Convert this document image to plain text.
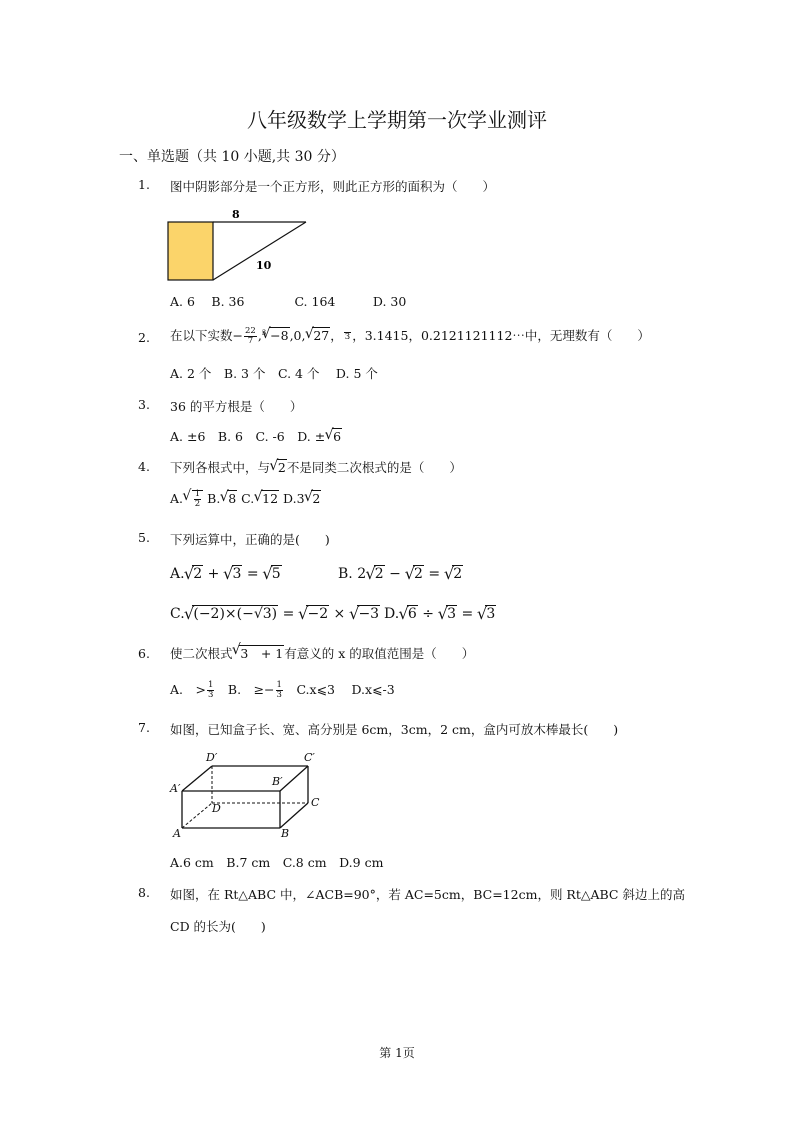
八年级数学上学期第一次学业测评
一、单选题（共 10 小题,共 30 分）
1. 图中阴影部分是一个正方形，则此正方形的面积为（　　）
8
10
A. 6　 B. 36　　　　C. 164　　　D. 30
2. 在以下实数− $\frac{22}{7} ,^3√ -8,0,√$ 27， 3 ，3.1415，0.2121121112⋯中，无理数有（　　）
A. 2 个　B. 3 个　C. 4 个　 D. 5 个
3. 36 的平方根是（　　）
A. ±6　B. 6　C. -6　D. ±√ 6
4. 下列各根式中，与√ 2不是同类二次根式的是（　　）
A.
√ $\frac{1}{2} B.√$ 8 C.√ 12 D.3√ 2
5. 下列运算中，正确的是(　　)
A.√ 2 + √ 3 = √ 5	B. 2√ 2 − √ 2 = √ 2
C.√ (−2)×(−√3) = √ −2 × √ −3 D.√ 6 ÷ √ 3 = √ 3
6. 使二次根式√ 3　+ 1有意义的 x 的取值范围是（　　）
A.　> $\frac{1}{3}$ 　B.　≥− $\frac{1}{3}$ 　C.x⩽3　 D.x⩽-3
7. 如图，已知盒子长、宽、高分别是 6cm，3cm，2 cm，盒内可放木棒最长(　　)
D′	C′
A′
B′
D	C
A	B
A.6 cm　B.7 cm　C.8 cm　D.9 cm
8. 如图，在 Rt△ABC 中，∠ACB=90°，若 AC=5cm，BC=12cm，则 Rt△ABC 斜边上的高
CD 的长为(　　)
第 1页
